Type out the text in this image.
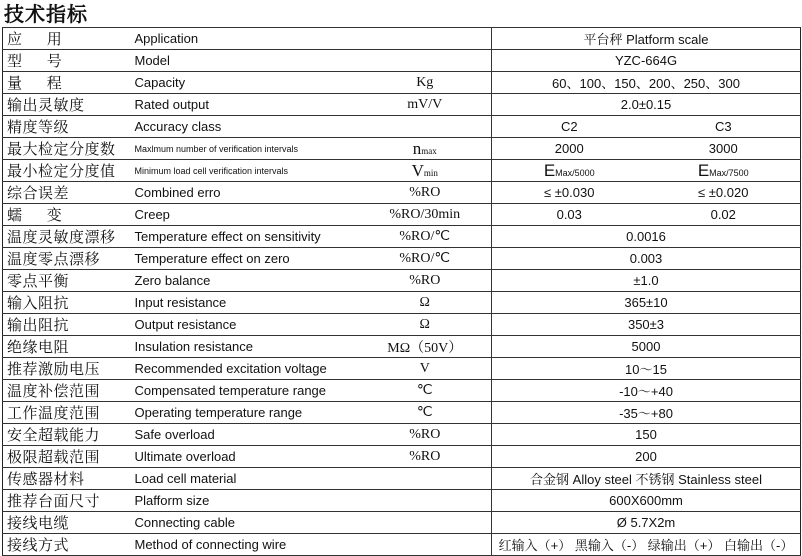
技术指标
应 用	Application		平台秤 Platform scale	
型 号	Model		YZC-664G	
量 程	Capacity	Kg	60、100、150、200、250、300	
输出灵敏度	Rated output	mV/V	2.0±0.15	
精度等级	Accuracy class		C2	C3
最大检定分度数	Maxlmum number of verification intervals	nmax	2000	3000
最小检定分度值	Minimum load cell verification intervals	Vmin	EMax/5000	EMax/7500
综合误差	Combined erro	%RO	≤ ±0.030	≤ ±0.020
蠕 变	Creep	%RO/30min	0.03	0.02
温度灵敏度漂移	Temperature effect on sensitivity	%RO/℃	0.0016	
温度零点漂移	Temperature effect on zero	%RO/℃	0.003	
零点平衡	Zero balance	%RO	±1.0	
输入阻抗	Input resistance	Ω	365±10	
输出阻抗	Output resistance	Ω	350±3	
绝缘电阻	Insulation resistance	MΩ（50V）	5000	
推荐激励电压	Recommended excitation voltage	V	10～15	
温度补偿范围	Compensated temperature range	℃	-10～+40	
工作温度范围	Operating temperature range	℃	-35～+80	
安全超载能力	Safe overload	%RO	150	
极限超载范围	Ultimate overload	%RO	200	
传感器材料	Load cell material		合金钢 Alloy steel 不锈钢 Stainless steel	
推荐台面尺寸	Plafform size		600X600mm	
接线电缆	Connecting cable		Ø 5.7X2m	
接线方式	Method of connecting wire		红输入（+） 黑输入（-） 绿输出（+） 白输出（-）	
